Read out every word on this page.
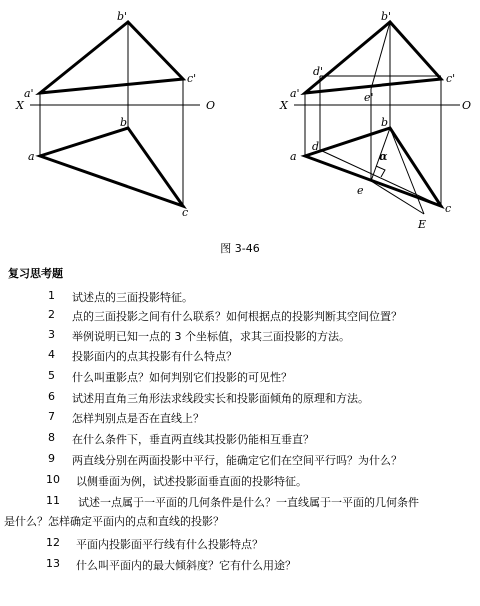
b'
a'
c'
X	O
a
b
c
b'
a'
c'
d'
e'
X	O
a
b
c
d
e
α
E
图 3-46
复习思考题
1 试述点的三面投影特征。
2 点的三面投影之间有什么联系？如何根据点的投影判断其空间位置？
3 举例说明已知一点的 3 个坐标值，求其三面投影的方法。
4 投影面内的点其投影有什么特点？
5 什么叫重影点？如何判别它们投影的可见性？
6 试述用直角三角形法求线段实长和投影面倾角的原理和方法。
7 怎样判别点是否在直线上？
8 在什么条件下，垂直两直线其投影仍能相互垂直？
9 两直线分别在两面投影中平行，能确定它们在空间平行吗？为什么？
10 以侧垂面为例，试述投影面垂直面的投影特征。
11 试述一点属于一平面的几何条件是什么？一直线属于一平面的几何条件
是什么？怎样确定平面内的点和直线的投影？
12 平面内投影面平行线有什么投影特点？
13 什么叫平面内的最大倾斜度？它有什么用途？
